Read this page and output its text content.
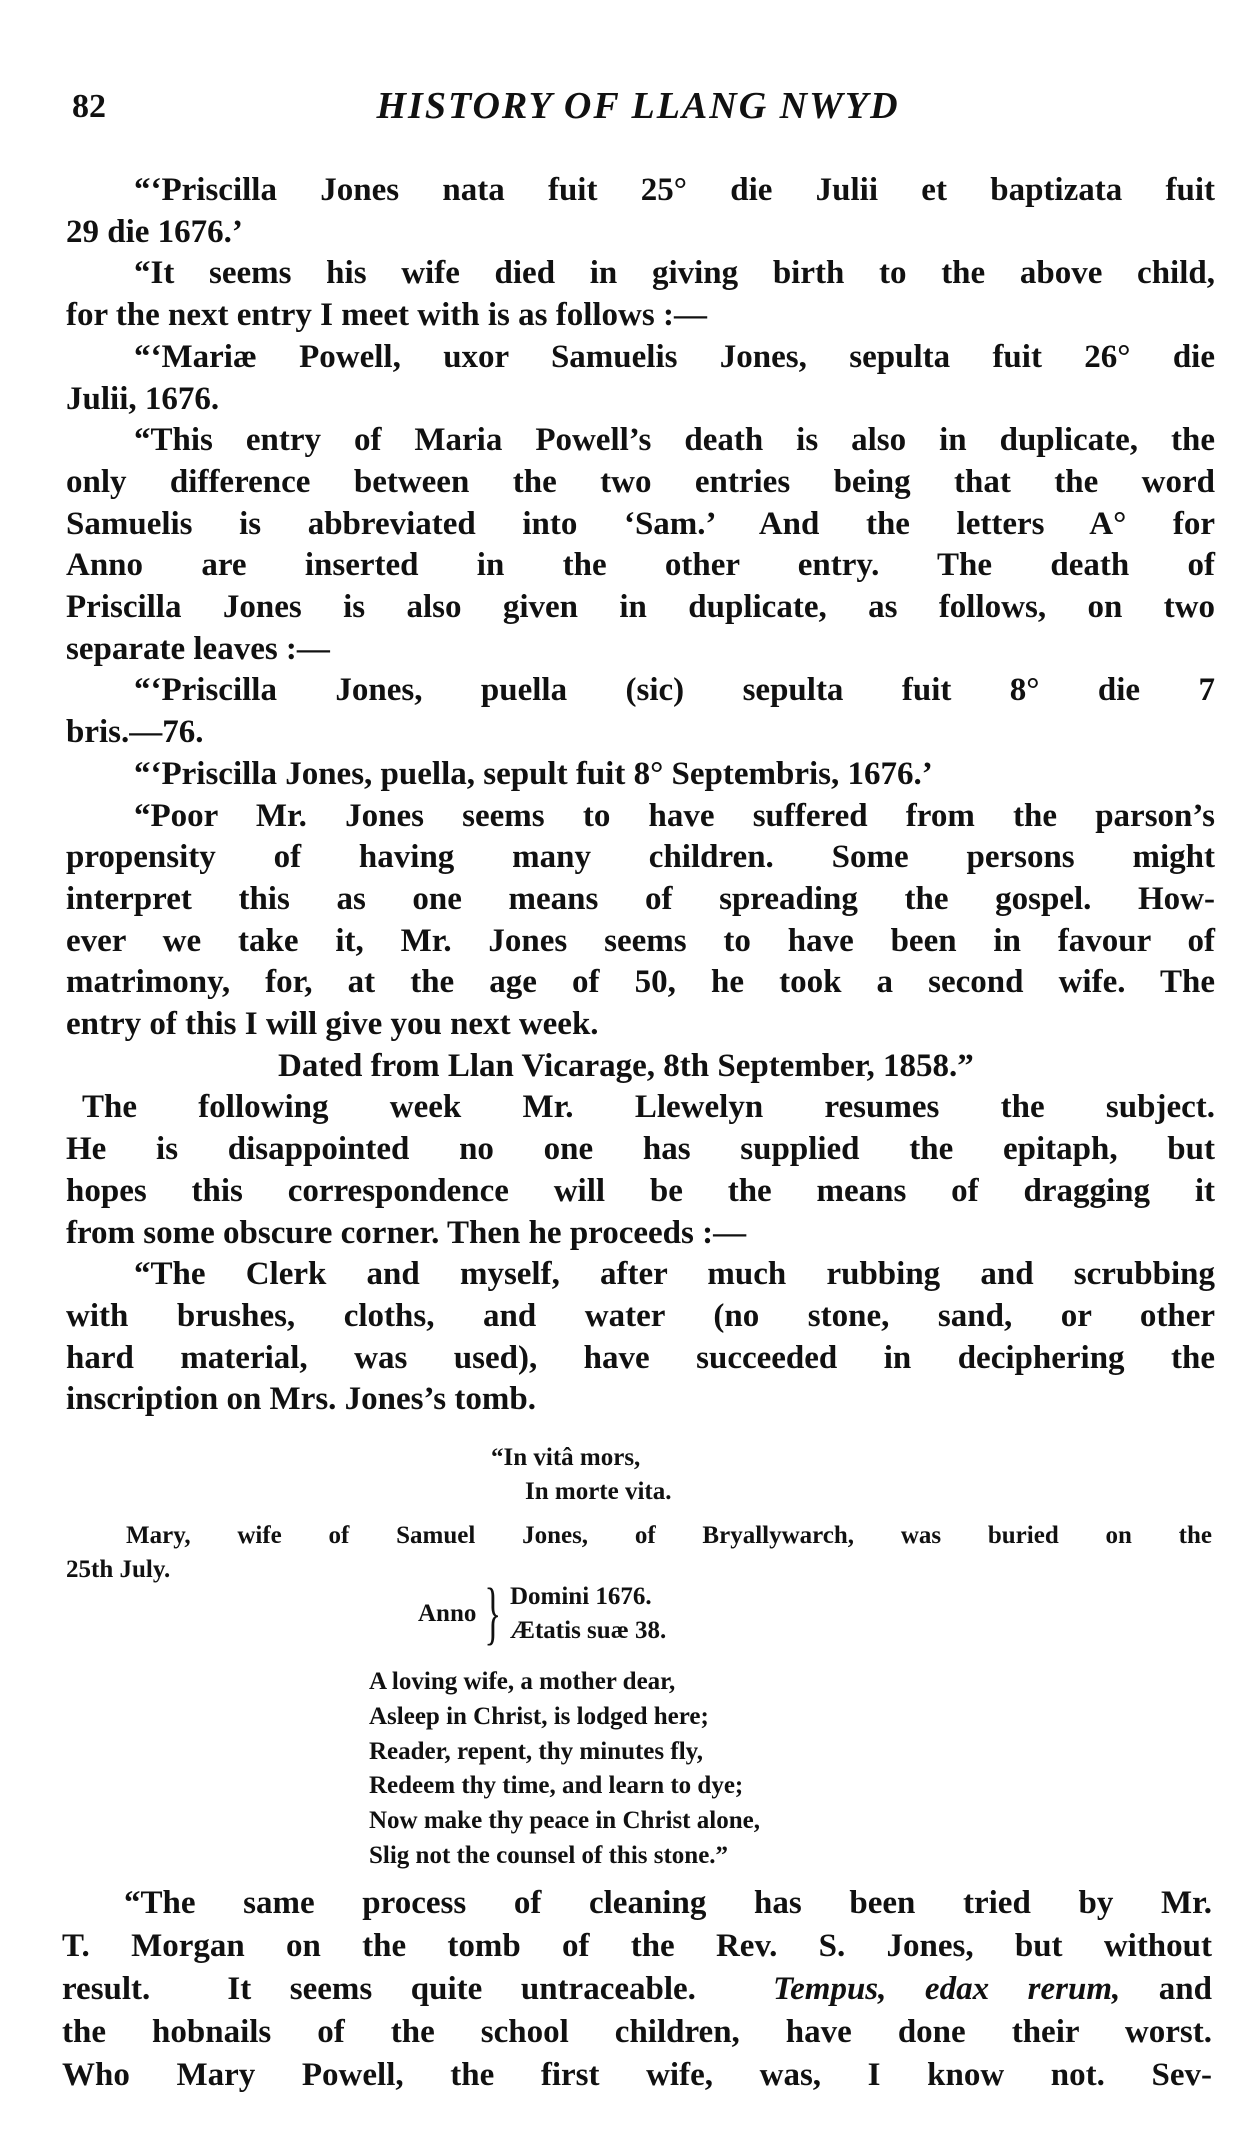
82	HISTORY OF LLANG NWYD
“‘Priscilla Jones nata fuit 25° die Julii et baptizata fuit
29 die 1676.’
“It seems his wife died in giving birth to the above child,
for the next entry I meet with is as follows :—
“‘Mariæ Powell, uxor Samuelis Jones, sepulta fuit 26° die
Julii, 1676.
“This entry of Maria Powell’s death is also in duplicate, the
only difference between the two entries being that the word
Samuelis is abbreviated into ‘Sam.’ And the letters A° for
Anno are inserted in the other entry. The death of
Priscilla Jones is also given in duplicate, as follows, on two
separate leaves :—
“‘Priscilla Jones, puella (sic) sepulta fuit 8° die 7
bris.—76.
“‘Priscilla Jones, puella, sepult fuit 8° Septembris, 1676.’
“Poor Mr. Jones seems to have suffered from the parson’s
propensity of having many children. Some persons might
interpret this as one means of spreading the gospel. How-
ever we take it, Mr. Jones seems to have been in favour of
matrimony, for, at the age of 50, he took a second wife. The
entry of this I will give you next week.
Dated from Llan Vicarage, 8th September, 1858.”
The following week Mr. Llewelyn resumes the subject.
He is disappointed no one has supplied the epitaph, but
hopes this correspondence will be the means of dragging it
from some obscure corner. Then he proceeds :—
“The Clerk and myself, after much rubbing and scrubbing
with brushes, cloths, and water (no stone, sand, or other
hard material, was used), have succeeded in deciphering the
inscription on Mrs. Jones’s tomb.
“In vitâ mors,
In morte vita.
Mary, wife of Samuel Jones, of Bryallywarch, was buried on the
25th July.
Anno } Domini 1676.
Ætatis suæ 38.
A loving wife, a mother dear,
Asleep in Christ, is lodged here;
Reader, repent, thy minutes fly,
Redeem thy time, and learn to dye;
Now make thy peace in Christ alone,
Slig not the counsel of this stone.”
“The same process of cleaning has been tried by Mr.
T. Morgan on the tomb of the Rev. S. Jones, but without
result.  It seems quite untraceable.  Tempus, edax rerum, and
the hobnails of the school children, have done their worst.
Who Mary Powell, the first wife, was, I know not. Sev-
